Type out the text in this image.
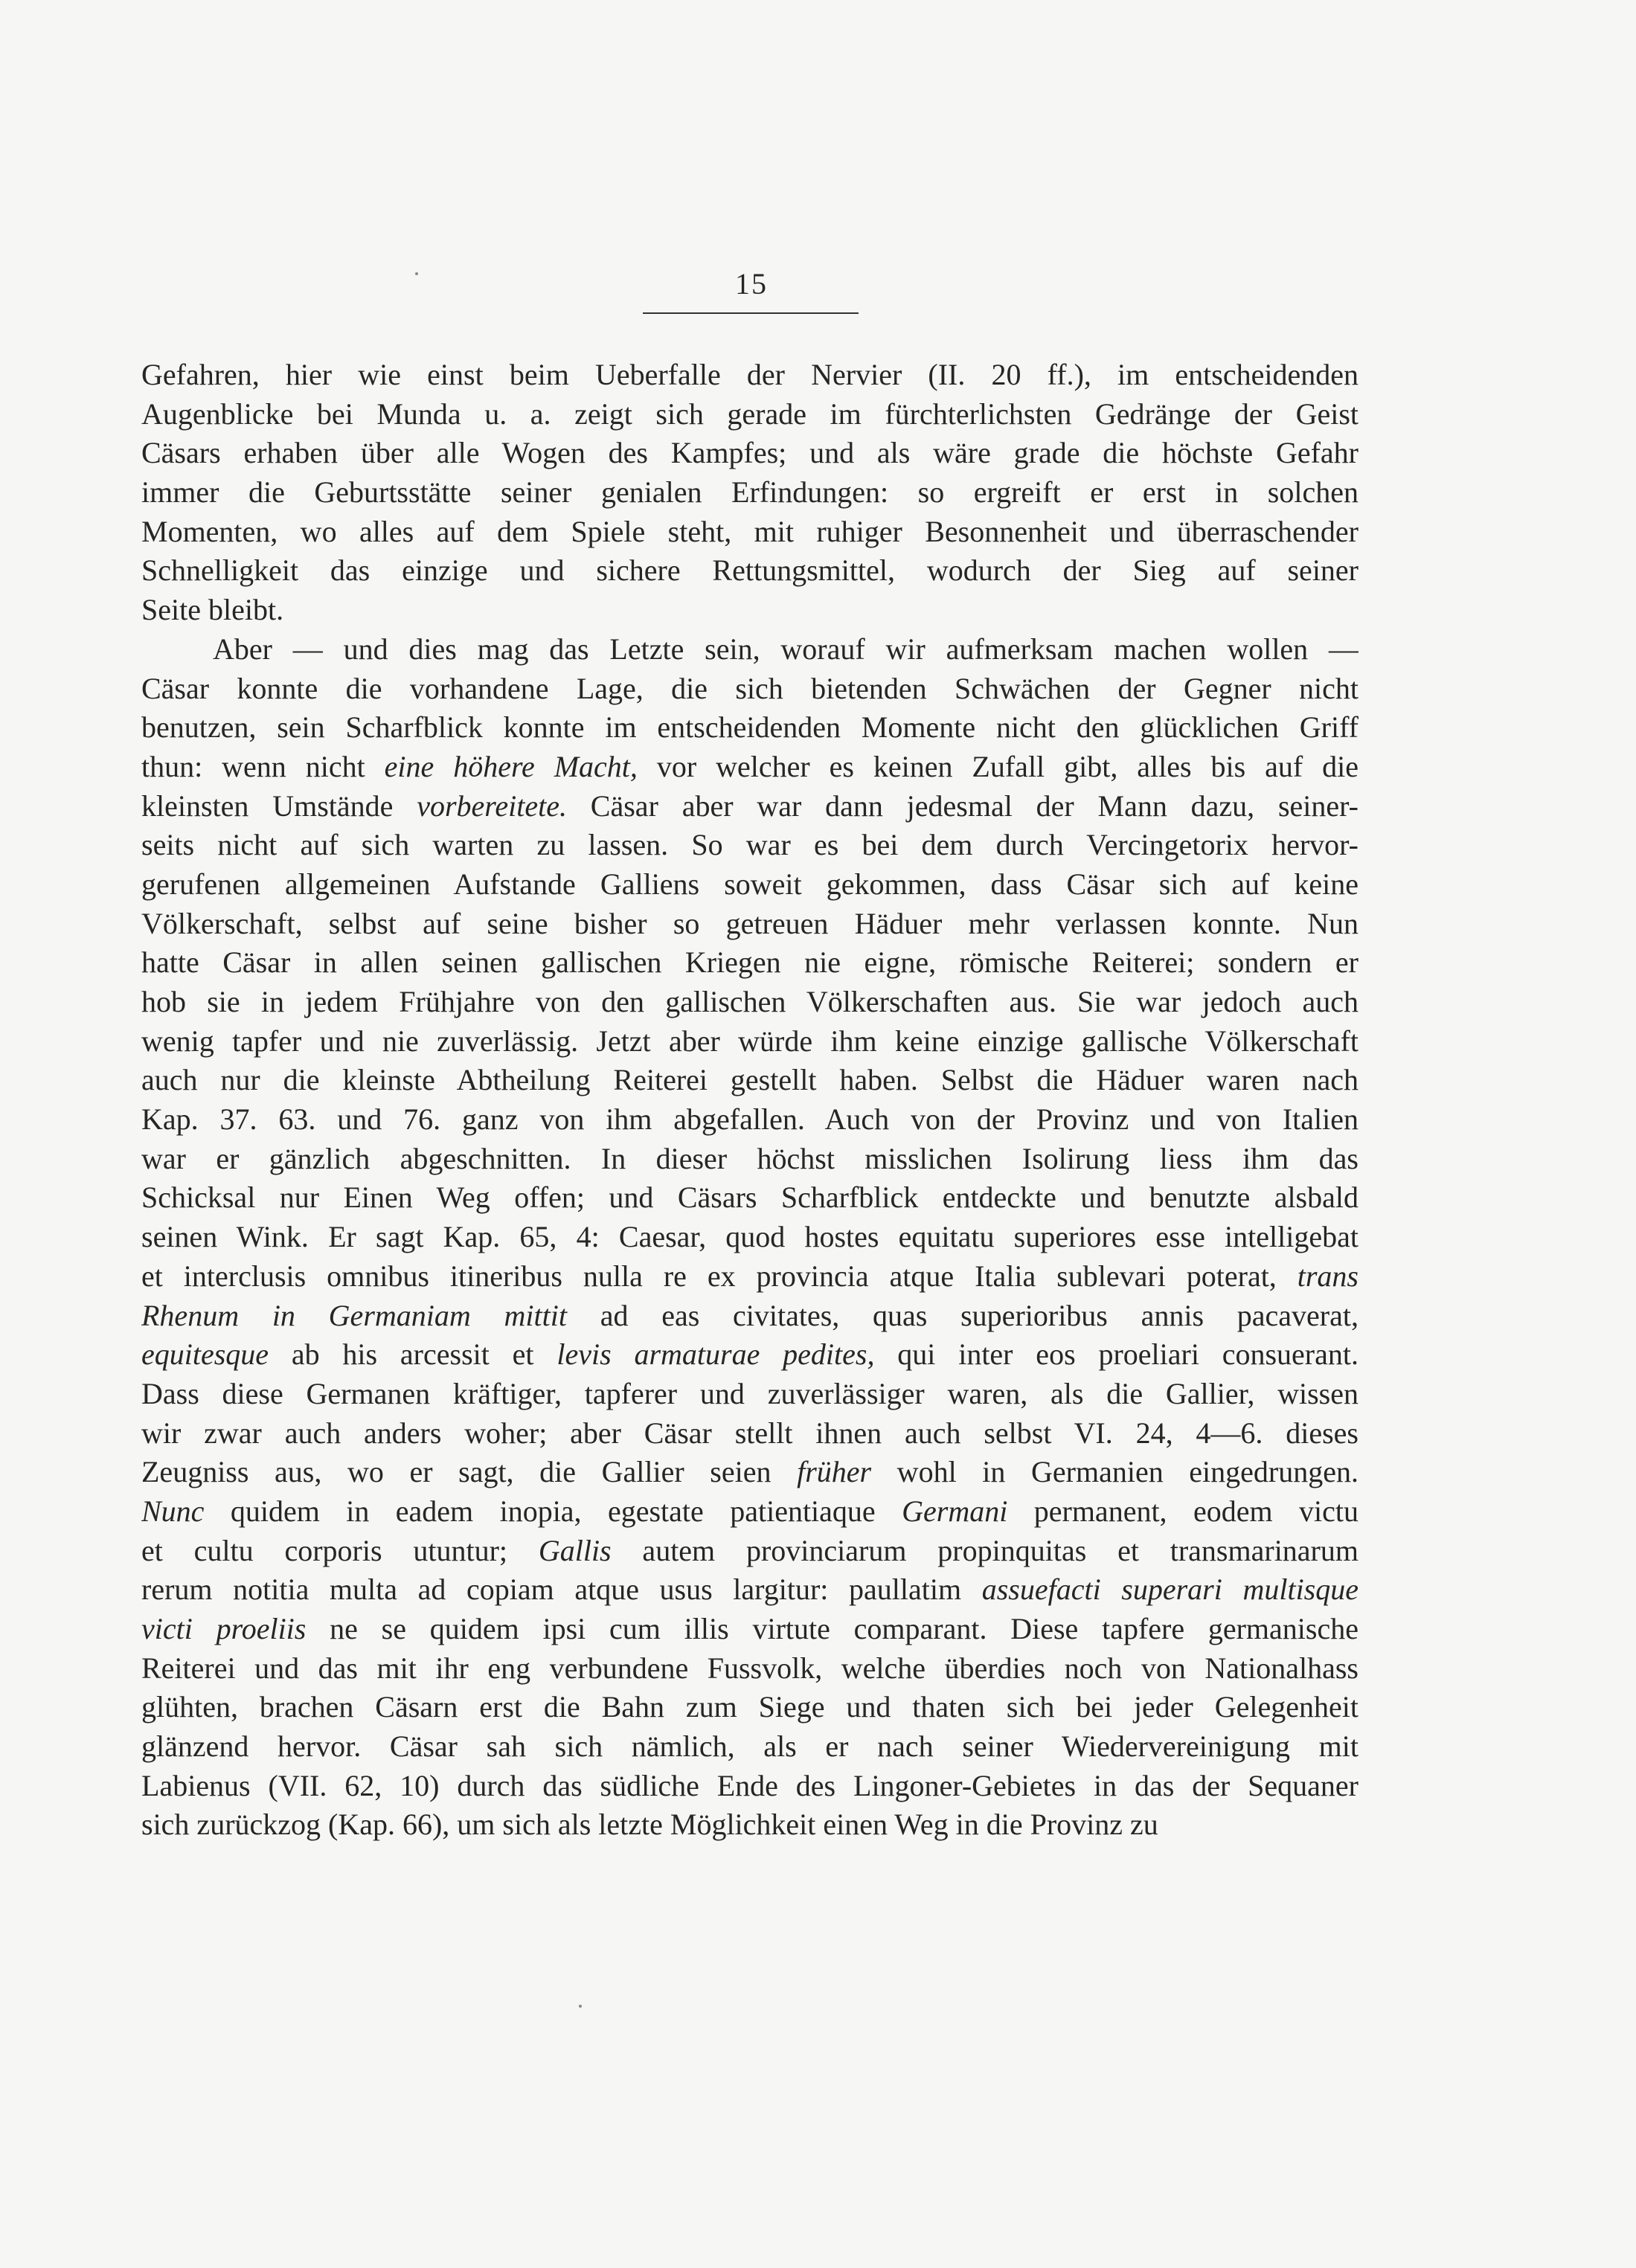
15
Gefahren, hier wie einst beim Ueberfalle der Nervier (II. 20 ff.), im entscheidenden
Augenblicke bei Munda u. a. zeigt sich gerade im fürchterlichsten Gedränge der Geist
Cäsars erhaben über alle Wogen des Kampfes; und als wäre grade die höchste Gefahr
immer die Geburtsstätte seiner genialen Erfindungen: so ergreift er erst in solchen
Momenten, wo alles auf dem Spiele steht, mit ruhiger Besonnenheit und überraschender
Schnelligkeit das einzige und sichere Rettungsmittel, wodurch der Sieg auf seiner
Seite bleibt.
Aber — und dies mag das Letzte sein, worauf wir aufmerksam machen wollen —
Cäsar konnte die vorhandene Lage, die sich bietenden Schwächen der Gegner nicht
benutzen, sein Scharfblick konnte im entscheidenden Momente nicht den glücklichen Griff
thun: wenn nicht eine höhere Macht, vor welcher es keinen Zufall gibt, alles bis auf die
kleinsten Umstände vorbereitete. Cäsar aber war dann jedesmal der Mann dazu, seiner-
seits nicht auf sich warten zu lassen. So war es bei dem durch Vercingetorix hervor-
gerufenen allgemeinen Aufstande Galliens soweit gekommen, dass Cäsar sich auf keine
Völkerschaft, selbst auf seine bisher so getreuen Häduer mehr verlassen konnte. Nun
hatte Cäsar in allen seinen gallischen Kriegen nie eigne, römische Reiterei; sondern er
hob sie in jedem Frühjahre von den gallischen Völkerschaften aus. Sie war jedoch auch
wenig tapfer und nie zuverlässig. Jetzt aber würde ihm keine einzige gallische Völkerschaft
auch nur die kleinste Abtheilung Reiterei gestellt haben. Selbst die Häduer waren nach
Kap. 37. 63. und 76. ganz von ihm abgefallen. Auch von der Provinz und von Italien
war er gänzlich abgeschnitten. In dieser höchst misslichen Isolirung liess ihm das
Schicksal nur Einen Weg offen; und Cäsars Scharfblick entdeckte und benutzte alsbald
seinen Wink. Er sagt Kap. 65, 4: Caesar, quod hostes equitatu superiores esse intelligebat
et interclusis omnibus itineribus nulla re ex provincia atque Italia sublevari poterat, trans
Rhenum in Germaniam mittit ad eas civitates, quas superioribus annis pacaverat,
equitesque ab his arcessit et levis armaturae pedites, qui inter eos proeliari consuerant.
Dass diese Germanen kräftiger, tapferer und zuverlässiger waren, als die Gallier, wissen
wir zwar auch anders woher; aber Cäsar stellt ihnen auch selbst VI. 24, 4—6. dieses
Zeugniss aus, wo er sagt, die Gallier seien früher wohl in Germanien eingedrungen.
Nunc quidem in eadem inopia, egestate patientiaque Germani permanent, eodem victu
et cultu corporis utuntur; Gallis autem provinciarum propinquitas et transmarinarum
rerum notitia multa ad copiam atque usus largitur: paullatim assuefacti superari multisque
victi proeliis ne se quidem ipsi cum illis virtute comparant. Diese tapfere germanische
Reiterei und das mit ihr eng verbundene Fussvolk, welche überdies noch von Nationalhass
glühten, brachen Cäsarn erst die Bahn zum Siege und thaten sich bei jeder Gelegenheit
glänzend hervor. Cäsar sah sich nämlich, als er nach seiner Wiedervereinigung mit
Labienus (VII. 62, 10) durch das südliche Ende des Lingoner-Gebietes in das der Sequaner
sich zurückzog (Kap. 66), um sich als letzte Möglichkeit einen Weg in die Provinz zu
